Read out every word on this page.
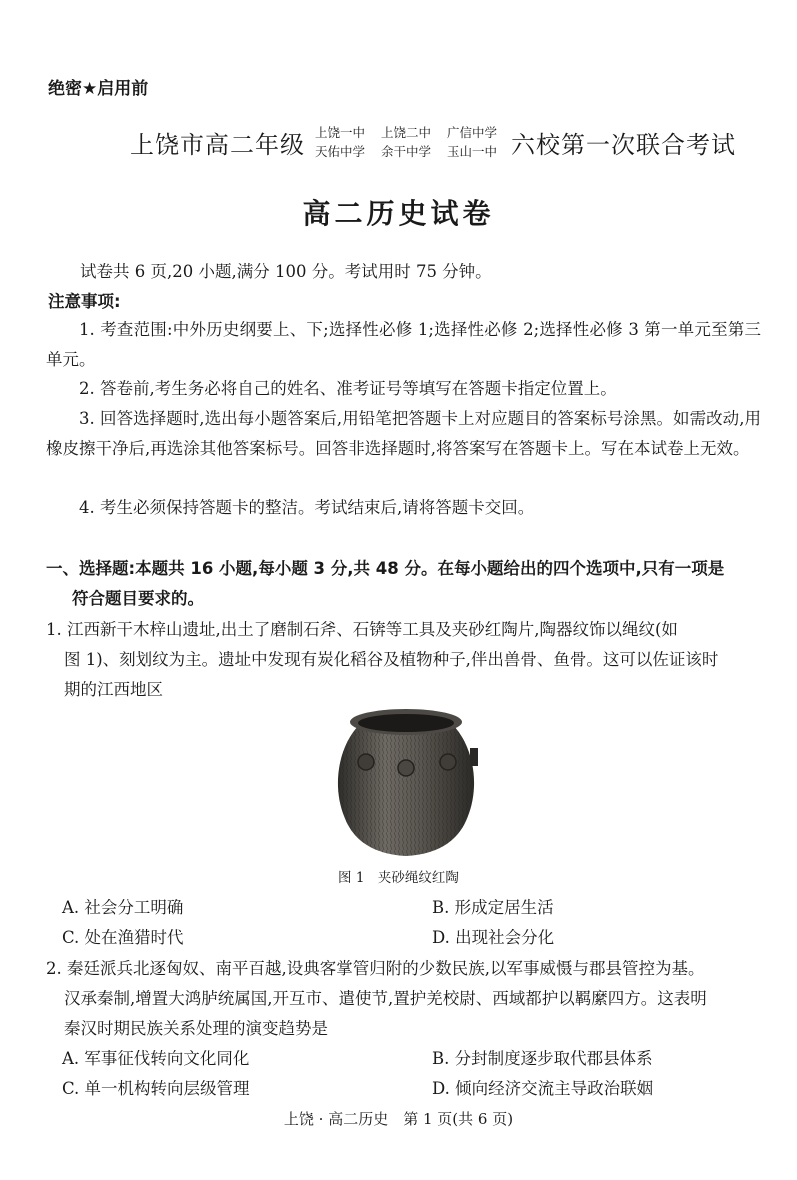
绝密★启用前
上饶市高二年级 上饶一中 上饶二中 广信中学
天佑中学 余干中学 玉山一中 六校第一次联合考试
高二历史试卷
试卷共 6 页,20 小题,满分 100 分。考试用时 75 分钟。
注意事项:
1. 考查范围:中外历史纲要上、下;选择性必修 1;选择性必修 2;选择性必修 3 第一单元至第三单元。
2. 答卷前,考生务必将自己的姓名、准考证号等填写在答题卡指定位置上。
3. 回答选择题时,选出每小题答案后,用铅笔把答题卡上对应题目的答案标号涂黑。如需改动,用橡皮擦干净后,再选涂其他答案标号。回答非选择题时,将答案写在答题卡上。写在本试卷上无效。
4. 考生必须保持答题卡的整洁。考试结束后,请将答题卡交回。
一、选择题:本题共 16 小题,每小题 3 分,共 48 分。在每小题给出的四个选项中,只有一项是
符合题目要求的。
1. 江西新干木梓山遗址,出土了磨制石斧、石锛等工具及夹砂红陶片,陶器纹饰以绳纹(如
图 1)、刻划纹为主。遗址中发现有炭化稻谷及植物种子,伴出兽骨、鱼骨。这可以佐证该时
期的江西地区
图 1　夹砂绳纹红陶
A. 社会分工明确	B. 形成定居生活
C. 处在渔猎时代	D. 出现社会分化
2. 秦廷派兵北逐匈奴、南平百越,设典客掌管归附的少数民族,以军事威慑与郡县管控为基。
汉承秦制,增置大鸿胪统属国,开互市、遣使节,置护羌校尉、西域都护以羁縻四方。这表明
秦汉时期民族关系处理的演变趋势是
A. 军事征伐转向文化同化	B. 分封制度逐步取代郡县体系
C. 单一机构转向层级管理	D. 倾向经济交流主导政治联姻
上饶 · 高二历史　第 1 页(共 6 页)
